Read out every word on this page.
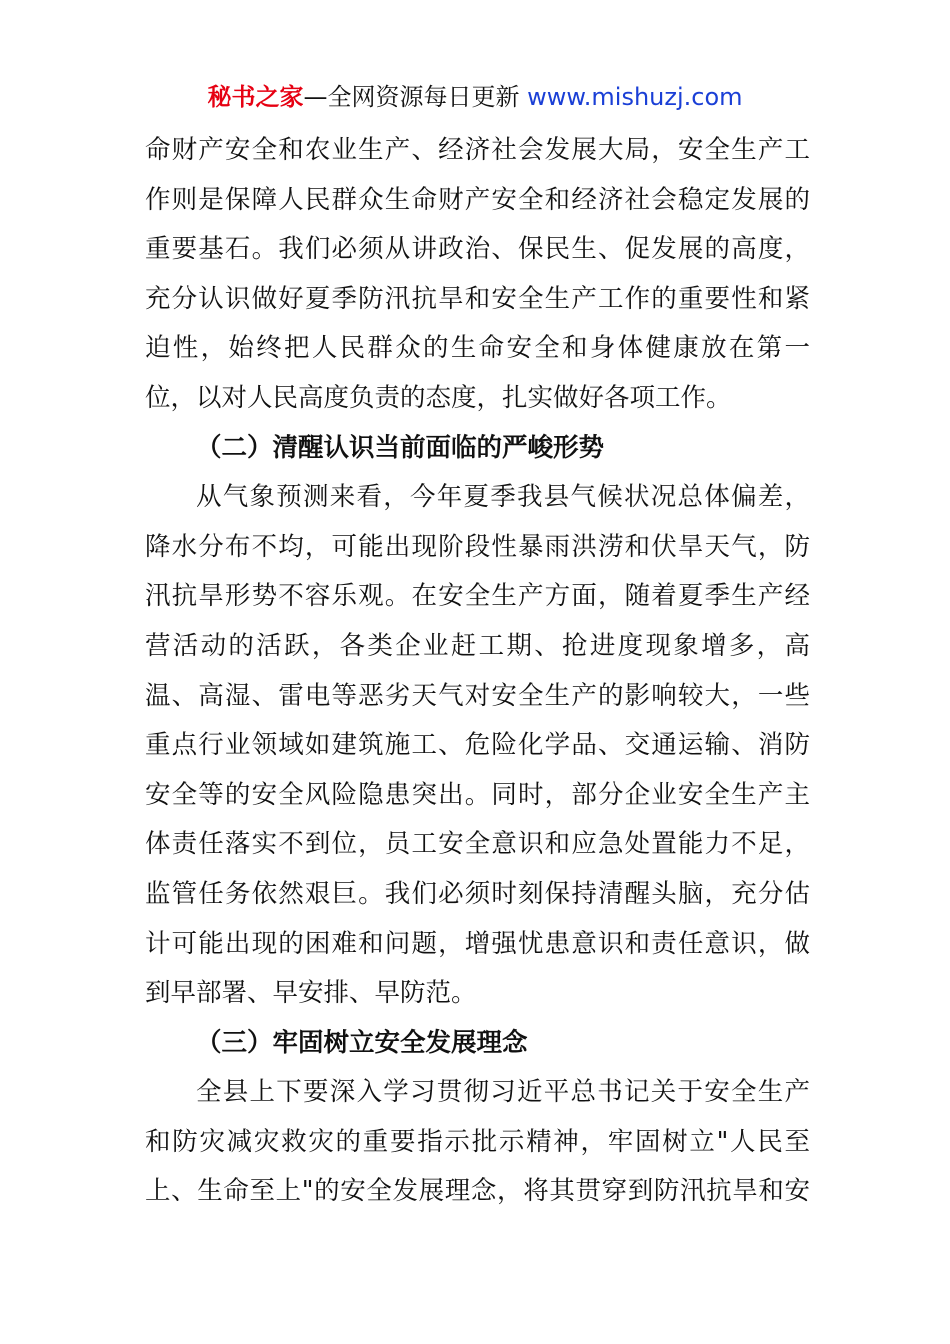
秘书之家—全网资源每日更新 www.mishuzj.com
命财产安全和农业生产、经济社会发展大局，安全生产工
作则是保障人民群众生命财产安全和经济社会稳定发展的
重要基石。我们必须从讲政治、保民生、促发展的高度，
充分认识做好夏季防汛抗旱和安全生产工作的重要性和紧
迫性，始终把人民群众的生命安全和身体健康放在第一
位，以对人民高度负责的态度，扎实做好各项工作。
（二）清醒认识当前面临的严峻形势
从气象预测来看，今年夏季我县气候状况总体偏差，
降水分布不均，可能出现阶段性暴雨洪涝和伏旱天气，防
汛抗旱形势不容乐观。在安全生产方面，随着夏季生产经
营活动的活跃，各类企业赶工期、抢进度现象增多，高
温、高湿、雷电等恶劣天气对安全生产的影响较大，一些
重点行业领域如建筑施工、危险化学品、交通运输、消防
安全等的安全风险隐患突出。同时，部分企业安全生产主
体责任落实不到位，员工安全意识和应急处置能力不足，
监管任务依然艰巨。我们必须时刻保持清醒头脑，充分估
计可能出现的困难和问题，增强忧患意识和责任意识，做
到早部署、早安排、早防范。
（三）牢固树立安全发展理念
全县上下要深入学习贯彻习近平总书记关于安全生产
和防灾减灾救灾的重要指示批示精神，牢固树立"人民至
上、生命至上"的安全发展理念，将其贯穿到防汛抗旱和安
